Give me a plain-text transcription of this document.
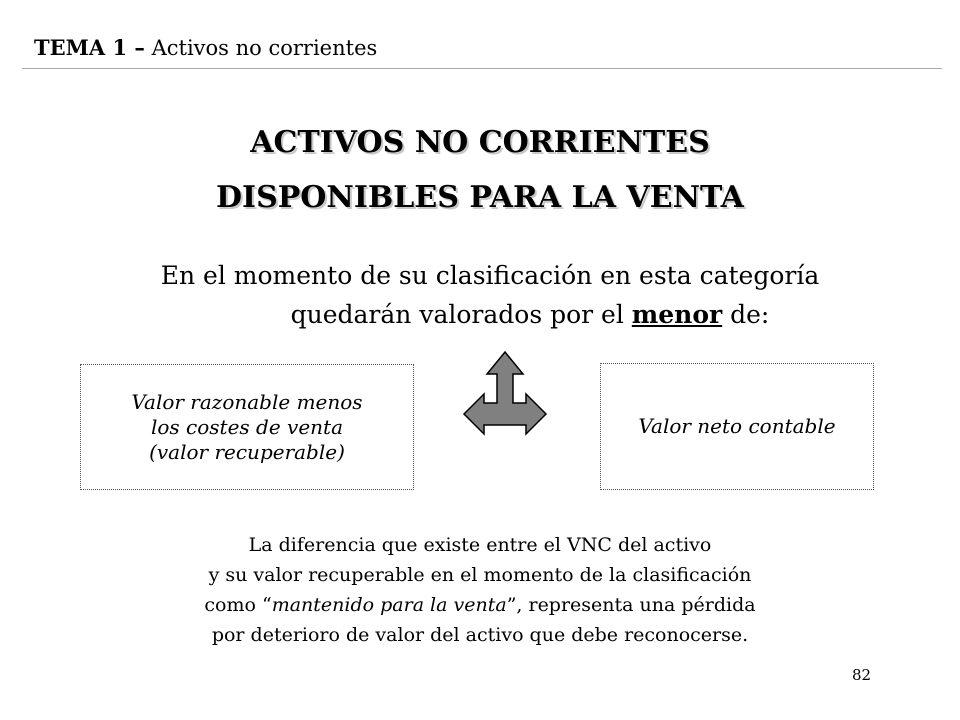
TEMA 1 – Activos no corrientes
ACTIVOS NO CORRIENTES
DISPONIBLES PARA LA VENTA
En el momento de su clasificación en esta categoría
quedarán valorados por el menor de:
Valor razonable menos
los costes de venta
(valor recuperable)
Valor neto contable
La diferencia que existe entre el VNC del activo
y su valor recuperable en el momento de la clasificación
como “mantenido para la venta”, representa una pérdida
por deterioro de valor del activo que debe reconocerse.
82
